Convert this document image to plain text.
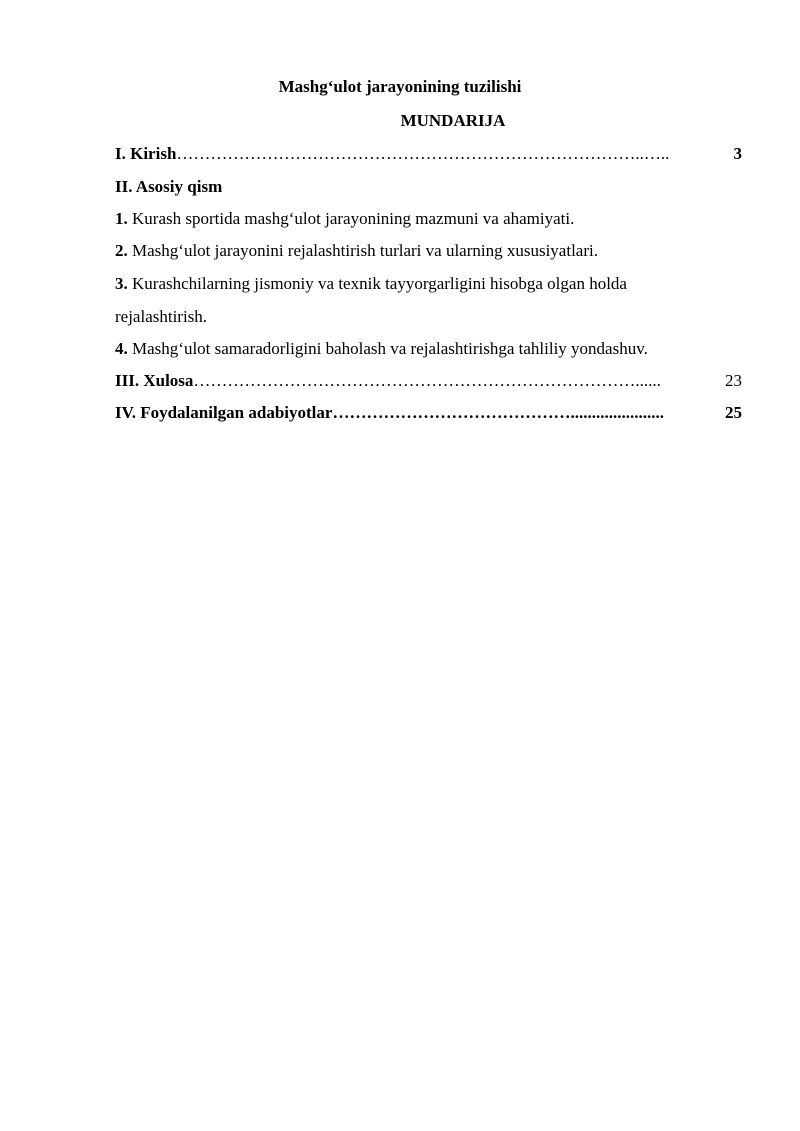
Mashg‘ulot jarayonining tuzilishi
MUNDARIJA
I. Kirish ………………………………………………………………………..…..	3
II. Asosiy qism
1. Kurash sportida mashg‘ulot jarayonining mazmuni va ahamiyati.
2. Mashg‘ulot jarayonini rejalashtirish turlari va ularning xususiyatlari.
3. Kurashchilarning jismoniy va texnik tayyorgarligini hisobga olgan holda
rejalashtirish.
4. Mashg‘ulot samaradorligini baholash va rejalashtirishga tahliliy yondashuv.
III. Xulosa ……………………………………………………………………......	23
IV. Foydalanilgan adabiyotlar ……………………………………......................	25
